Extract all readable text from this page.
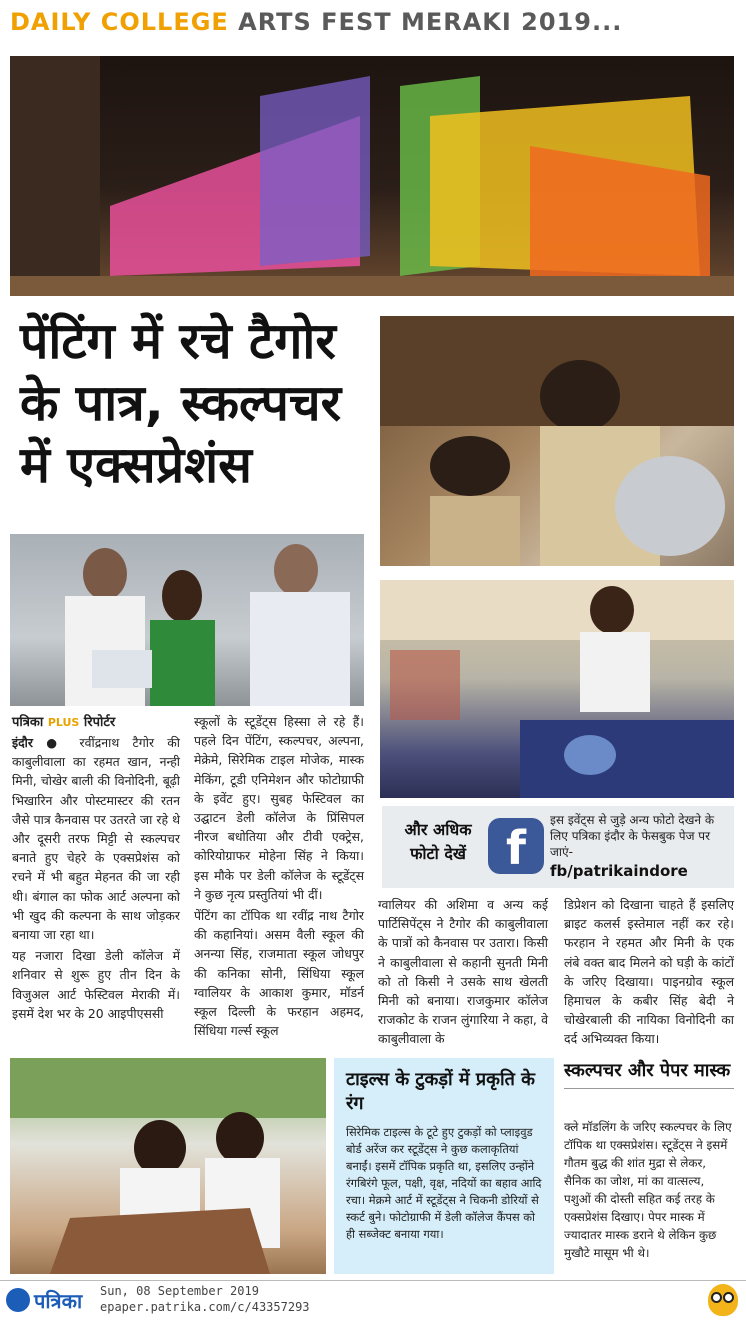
DAILY COLLEGE ARTS FEST MERAKI 2019...
पेंटिंग में रचे टैगोर के पात्र, स्कल्पचर में एक्सप्रेशंस
पत्रिका PLUS रिपोर्टर

इंदौर ● रवींद्रनाथ टैगोर की काबुलीवाला का रहमत खान, नन्ही मिनी, चोखेर बाली की विनोदिनी, बूढ़ी भिखारिन और पोस्टमास्टर की रतन जैसे पात्र कैनवास पर उतरते जा रहे थे और दूसरी तरफ मिट्टी से स्कल्पचर बनाते हुए चेहरे के एक्सप्रेशंस को रचने में भी बहुत मेहनत की जा रही थी। बंगाल का फोक आर्ट अल्पना को भी खुद की कल्पना के साथ जोड़कर बनाया जा रहा था।

यह नजारा दिखा डेली कॉलेज में शनिवार से शुरू हुए तीन दिन के विजुअल आर्ट फेस्टिवल मेराकी में। इसमें देश भर के 20 आइपीएससी

स्कूलों के स्टूडेंट्स हिस्सा ले रहे हैं। पहले दिन पेंटिंग, स्कल्पचर, अल्पना, मेक्रेमे, सिरेमिक टाइल मोजेक, मास्क मेकिंग, टूडी एनिमेशन और फोटोग्राफी के इवेंट हुए। सुबह फेस्टिवल का उद्घाटन डेली कॉलेज के प्रिंसिपल नीरज बधोतिया और टीवी एक्ट्रेस, कोरियोग्राफर मोहेना सिंह ने किया। इस मौके पर डेली कॉलेज के स्टूडेंट्स ने कुछ नृत्य प्रस्तुतियां भी दीं।

पेंटिंग का टॉपिक था रवींद्र नाथ टैगोर की कहानियां। असम वैली स्कूल की अनन्या सिंह, राजमाता स्कूल जोधपुर की कनिका सोनी, सिंधिया स्कूल ग्वालियर के आकाश कुमार, मॉडर्न स्कूल दिल्ली के फरहान अहमद, सिंधिया गर्ल्स स्कूल

और अधिक फोटो देखें f
इस इवेंट्स से जुड़े अन्य फोटो देखने के लिए पत्रिका इंदौर के फेसबुक पेज पर जाएं-
fb/patrikaindore

ग्वालियर की अशिमा व अन्य कई पार्टिसिपेंट्स ने टैगोर की काबुलीवाला के पात्रों को कैनवास पर उतारा। किसी ने काबुलीवाला से कहानी सुनती मिनी को तो किसी ने उसके साथ खेलती मिनी को बनाया। राजकुमार कॉलेज राजकोट के राजन लुंगारिया ने कहा, वे काबुलीवाला के

डिप्रेशन को दिखाना चाहते हैं इसलिए ब्राइट कलर्स इस्तेमाल नहीं कर रहे। फरहान ने रहमत और मिनी के एक लंबे वक्त बाद मिलने को घड़ी के कांटों के जरिए दिखाया। पाइनग्रोव स्कूल हिमाचल के कबीर सिंह बेदी ने चोखेरबाली की नायिका विनोदिनी का दर्द अभिव्यक्त किया।

टाइल्स के टुकड़ों में प्रकृति के रंग
सिरेमिक टाइल्स के टूटे हुए टुकड़ों को प्लाइवुड बोर्ड अरेंज कर स्टूडेंट्स ने कुछ कलाकृतियां बनाईं। इसमें टॉपिक प्रकृति था, इसलिए उन्होंने रंगबिरंगे फूल, पक्षी, वृक्ष, नदियों का बहाव आदि रचा। मेक्रमे आर्ट में स्टूडेंट्स ने चिकनी डोरियों से स्कर्ट बुने। फोटोग्राफी में डेली कॉलेज कैंपस को ही सब्जेक्ट बनाया गया।
स्कल्पचर और पेपर मास्क
क्ले मॉडलिंग के जरिए स्कल्पचर के लिए टॉपिक था एक्सप्रेशंस। स्टूडेंट्स ने इसमें गौतम बुद्ध की शांत मुद्रा से लेकर, सैनिक का जोश, मां का वात्सल्य, पशुओं की दोस्ती सहित कई तरह के एक्सप्रेशंस दिखाए। पेपर मास्क में ज्यादातर मास्क डराने थे लेकिन कुछ मुखौटे मासूम भी थे।
पत्रिका Sun, 08 September 2019
epaper.patrika.com/c/43357293
